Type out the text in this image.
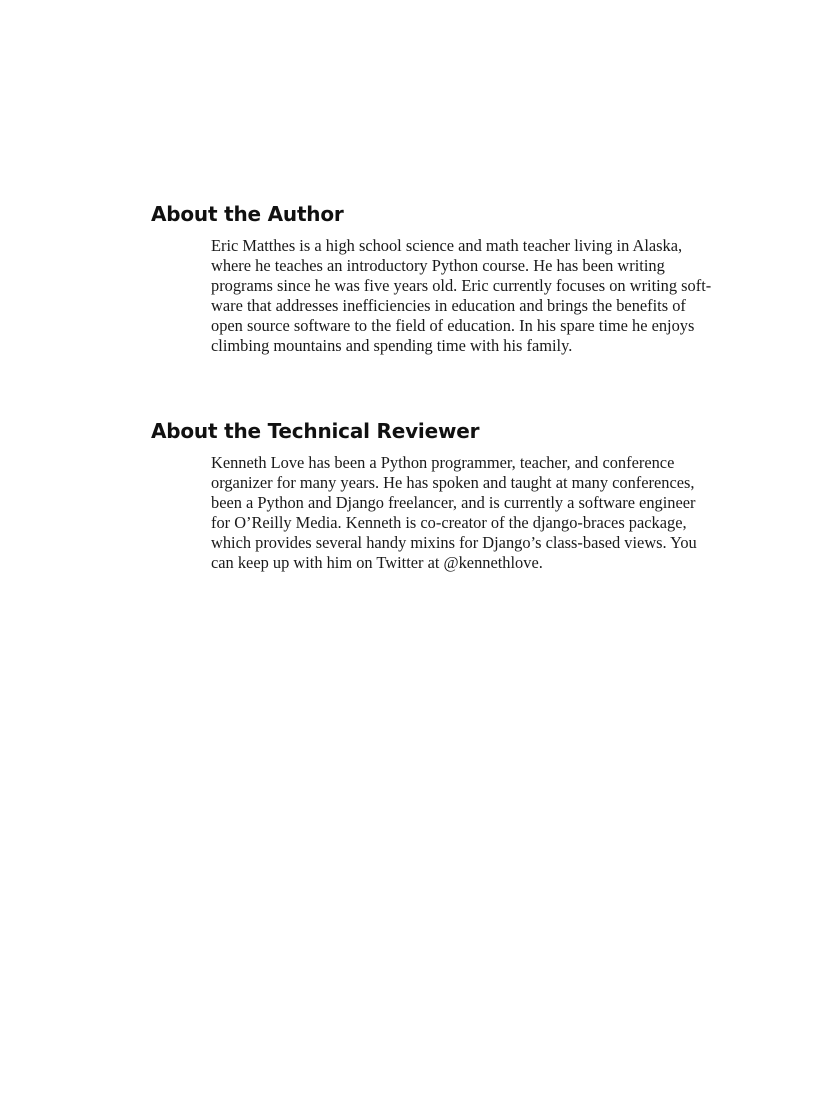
About the Author

Eric Matthes is a high school science and math teacher living in Alaska,
where he teaches an introductory Python course. He has been writing
programs since he was five years old. Eric currently focuses on writing soft-
ware that addresses inefficiencies in education and brings the benefits of
open source software to the field of education. In his spare time he enjoys
climbing mountains and spending time with his family.

About the Technical Reviewer

Kenneth Love has been a Python programmer, teacher, and conference
organizer for many years. He has spoken and taught at many conferences,
been a Python and Django freelancer, and is currently a software engineer
for O’Reilly Media. Kenneth is co-creator of the django-braces package,
which provides several handy mixins for Django’s class-based views. You
can keep up with him on Twitter at @kennethlove.
